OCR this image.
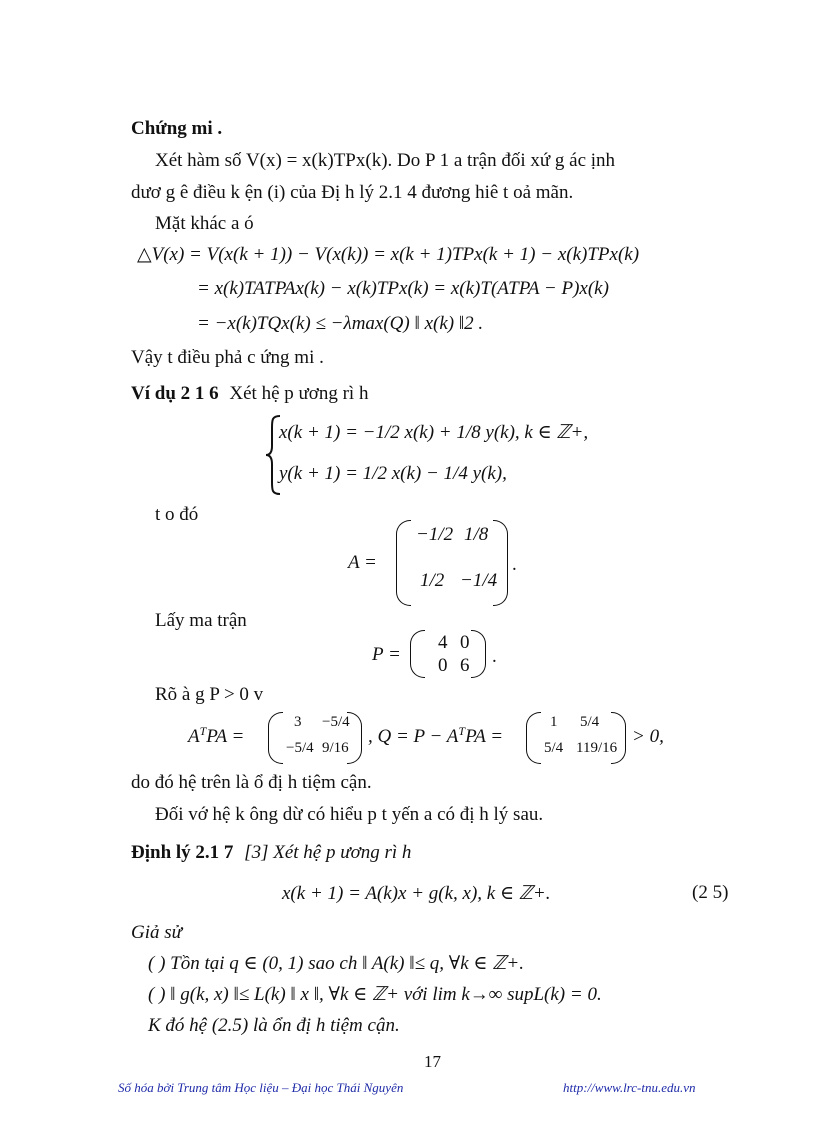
Chứng mi .
Xét hàm số V(x) = x(k)TPx(k). Do P 1 a trận đối xứ g ác ịnh
dươ g ê điều k ện (i) của Đị h lý 2.1 4 đương hiê t oả mãn.
Mặt khác a ó
△V(x) = V(x(k + 1)) − V(x(k)) = x(k + 1)TPx(k + 1) − x(k)TPx(k)
= x(k)TATPAx(k) − x(k)TPx(k) = x(k)T(ATPA − P)x(k)
= −x(k)TQx(k) ≤ −λmax(Q) ‖ x(k) ‖2 .
Vậy t điều phả c ứng mi .
Ví dụ 2 1 6 Xét hệ p ương rì h
x(k + 1) = −1/2 x(k) + 1/8 y(k), k ∈ ℤ+,
y(k + 1) = 1/2 x(k) − 1/4 y(k),
t o đó
A =
−1/2 1/8
1/2 −1/4
.
Lấy ma trận
P =
4 0
0 6 .
Rõ à g P > 0 v
$A^TPA$ =
3 −5/4
−5/4 9/16
, $Q = P - A^TPA$ =
1 5/4
5/4 119/16
> 0,
do đó hệ trên là ổ đị h tiệm cận.
Đối vớ hệ k ông dừ có hiểu p t yến a có đị h lý sau.
Định lý 2.1 7 [3] Xét hệ p ương rì h
x(k + 1) = A(k)x + g(k, x), k ∈ ℤ+.	(2 5)
Giả sử
( ) Tồn tại q ∈ (0, 1) sao ch ‖ A(k) ‖≤ q, ∀k ∈ ℤ+.
( ) ‖ g(k, x) ‖≤ L(k) ‖ x ‖, ∀k ∈ ℤ+ với lim k→∞ supL(k) = 0.
K đó hệ (2.5) là ổn đị h tiệm cận.
17
Số hóa bởi Trung tâm Học liệu – Đại học Thái Nguyên	http://www.lrc-tnu.edu.vn
